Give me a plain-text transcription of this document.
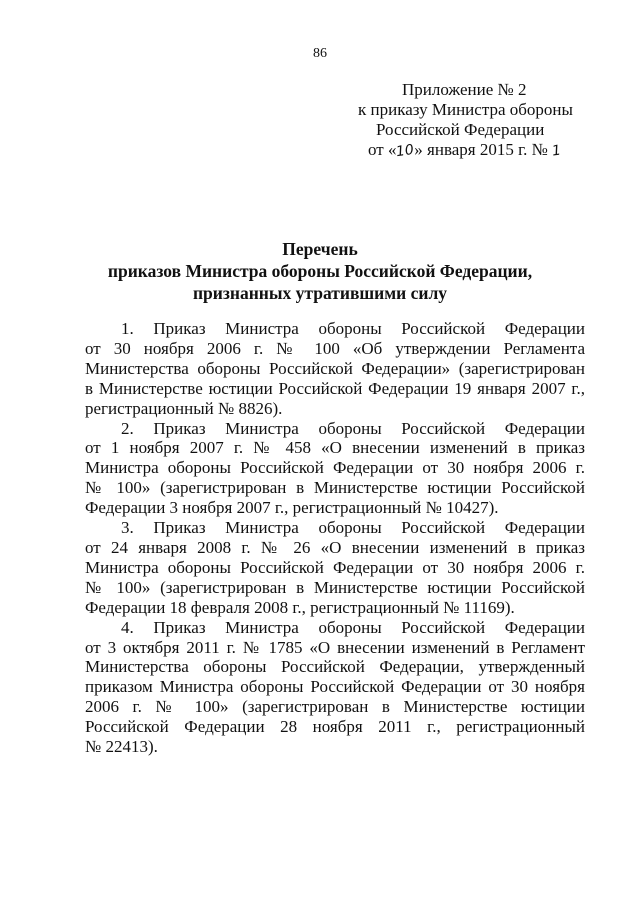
86
Приложение № 2
к приказу Министра обороны
Российской Федерации
от «10» января 2015 г. № 1
Перечень
приказов Министра обороны Российской Федерации,
признанных утратившими силу
1. Приказ Министра обороны Российской Федерации
от 30 ноября 2006 г. № 100 «Об утверждении Регламента
Министерства обороны Российской Федерации» (зарегистрирован
в Министерстве юстиции Российской Федерации 19 января 2007 г.,
регистрационный № 8826).
2. Приказ Министра обороны Российской Федерации
от 1 ноября 2007 г. № 458 «О внесении изменений в приказ
Министра обороны Российской Федерации от 30 ноября 2006 г.
№ 100» (зарегистрирован в Министерстве юстиции Российской
Федерации 3 ноября 2007 г., регистрационный № 10427).
3. Приказ Министра обороны Российской Федерации
от 24 января 2008 г. № 26 «О внесении изменений в приказ
Министра обороны Российской Федерации от 30 ноября 2006 г.
№ 100» (зарегистрирован в Министерстве юстиции Российской
Федерации 18 февраля 2008 г., регистрационный № 11169).
4. Приказ Министра обороны Российской Федерации
от 3 октября 2011 г. № 1785 «О внесении изменений в Регламент
Министерства обороны Российской Федерации, утвержденный
приказом Министра обороны Российской Федерации от 30 ноября
2006 г. № 100» (зарегистрирован в Министерстве юстиции
Российской Федерации 28 ноября 2011 г., регистрационный
№ 22413).
